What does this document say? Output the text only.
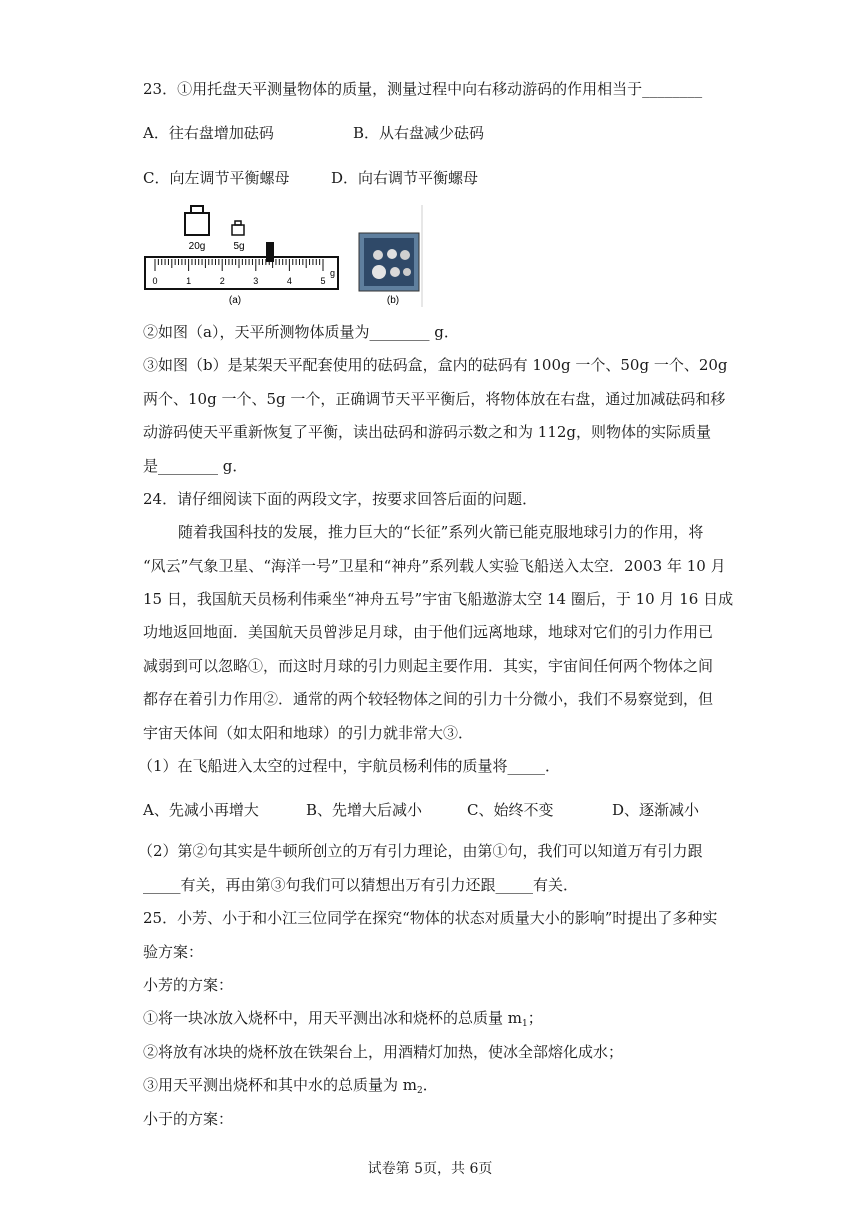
23．①用托盘天平测量物体的质量，测量过程中向右移动游码的作用相当于________
A．往右盘增加砝码	B．从右盘减少砝码
C．向左调节平衡螺母	D．向右调节平衡螺母
20g	5g
0	1	2	3	4	5
g
(a)	(b)
②如图（a），天平所测物体质量为________ g．
③如图（b）是某架天平配套使用的砝码盒，盒内的砝码有 100g 一个、50g 一个、20g
两个、10g 一个、5g 一个，正确调节天平平衡后，将物体放在右盘，通过加减砝码和移
动游码使天平重新恢复了平衡，读出砝码和游码示数之和为 112g，则物体的实际质量
是________ g．
24．请仔细阅读下面的两段文字，按要求回答后面的问题．
随着我国科技的发展，推力巨大的“长征”系列火箭已能克服地球引力的作用，将
“风云”气象卫星、“海洋一号”卫星和“神舟”系列载人实验飞船送入太空．2003 年 10 月
15 日，我国航天员杨利伟乘坐“神舟五号”宇宙飞船遨游太空 14 圈后，于 10 月 16 日成
功地返回地面．美国航天员曾涉足月球，由于他们远离地球，地球对它们的引力作用已
减弱到可以忽略①，而这时月球的引力则起主要作用．其实，宇宙间任何两个物体之间
都存在着引力作用②．通常的两个较轻物体之间的引力十分微小，我们不易察觉到，但
宇宙天体间（如太阳和地球）的引力就非常大③．
（1）在飞船进入太空的过程中，宇航员杨利伟的质量将_____．
A、先减小再增大	B、先增大后减小	C、始终不变	D、逐渐减小
（2）第②句其实是牛顿所创立的万有引力理论，由第①句，我们可以知道万有引力跟
_____有关，再由第③句我们可以猜想出万有引力还跟_____有关．
25．小芳、小于和小江三位同学在探究“物体的状态对质量大小的影响”时提出了多种实
验方案：
小芳的方案：
①将一块冰放入烧杯中，用天平测出冰和烧杯的总质量 $m_1$；
②将放有冰块的烧杯放在铁架台上，用酒精灯加热，使冰全部熔化成水；
③用天平测出烧杯和其中水的总质量为 $m_2$．
小于的方案：
试卷第 5页，共 6页
